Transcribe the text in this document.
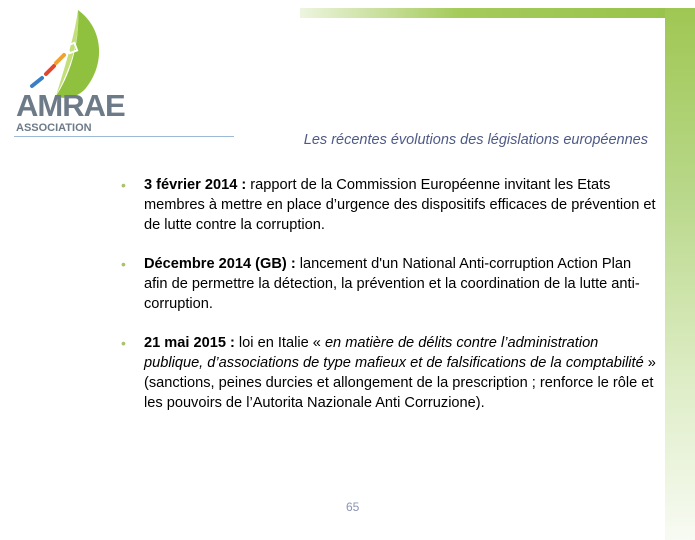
AMRAE
ASSOCIATION
Les récentes évolutions des législations européennes
• 3 février 2014 : rapport de la Commission Européenne invitant les Etats membres à mettre en place d’urgence des dispositifs efficaces de prévention et de lutte contre la corruption.
• Décembre 2014 (GB) : lancement d'un National Anti-corruption Action Plan afin de permettre la détection, la prévention et la coordination de la lutte anti-corruption.
• 21 mai 2015 : loi en Italie « en matière de délits contre l’administration publique, d’associations de type mafieux et de falsifications de la comptabilité » (sanctions, peines durcies et allongement de la prescription ; renforce le rôle et les pouvoirs de l’Autorita Nazionale Anti Corruzione).
65
